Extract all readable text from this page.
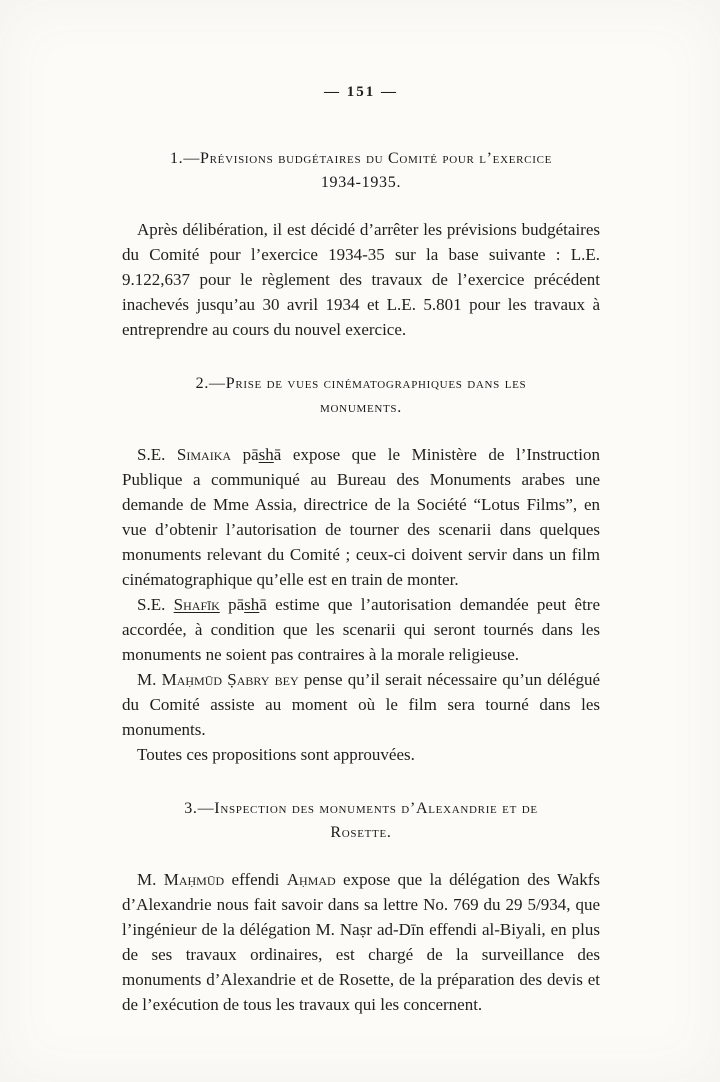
— 151 —
1.—Prévisions budgétaires du Comité pour l’exercice
1934-1935.

Après délibération, il est décidé d’arrêter les prévisions budgétaires du Comité pour l’exercice 1934-35 sur la base suivante : L.E. 9.122,637 pour le règlement des travaux de l’exercice précédent inachevés jusqu’au 30 avril 1934 et L.E. 5.801 pour les travaux à entreprendre au cours du nouvel exercice.

2.—Prise de vues cinématographiques dans les
monuments.

S.E. Simaika pāshā expose que le Ministère de l’Instruction Publique a communiqué au Bureau des Monuments arabes une demande de Mme Assia, directrice de la Société “Lotus Films”, en vue d’obtenir l’autorisation de tourner des scenarii dans quelques monuments relevant du Comité ; ceux-ci doivent servir dans un film cinématographique qu’elle est en train de monter.

S.E. Shafīk pāshā estime que l’autorisation demandée peut être accordée, à condition que les scenarii qui seront tournés dans les monuments ne soient pas contraires à la morale religieuse.

M. Maḥmūd Ṣabry bey pense qu’il serait nécessaire qu’un délégué du Comité assiste au moment où le film sera tourné dans les monuments.

Toutes ces propositions sont approuvées.

3.—Inspection des monuments d’Alexandrie et de
Rosette.

M. Maḥmūd effendi Aḥmad expose que la délégation des Wakfs d’Alexandrie nous fait savoir dans sa lettre No. 769 du 29 5/934, que l’ingénieur de la délégation M. Naṣr ad-Dīn effendi al-Biyali, en plus de ses travaux ordinaires, est chargé de la surveillance des monuments d’Alexandrie et de Rosette, de la préparation des devis et de l’exécution de tous les travaux qui les concernent.
